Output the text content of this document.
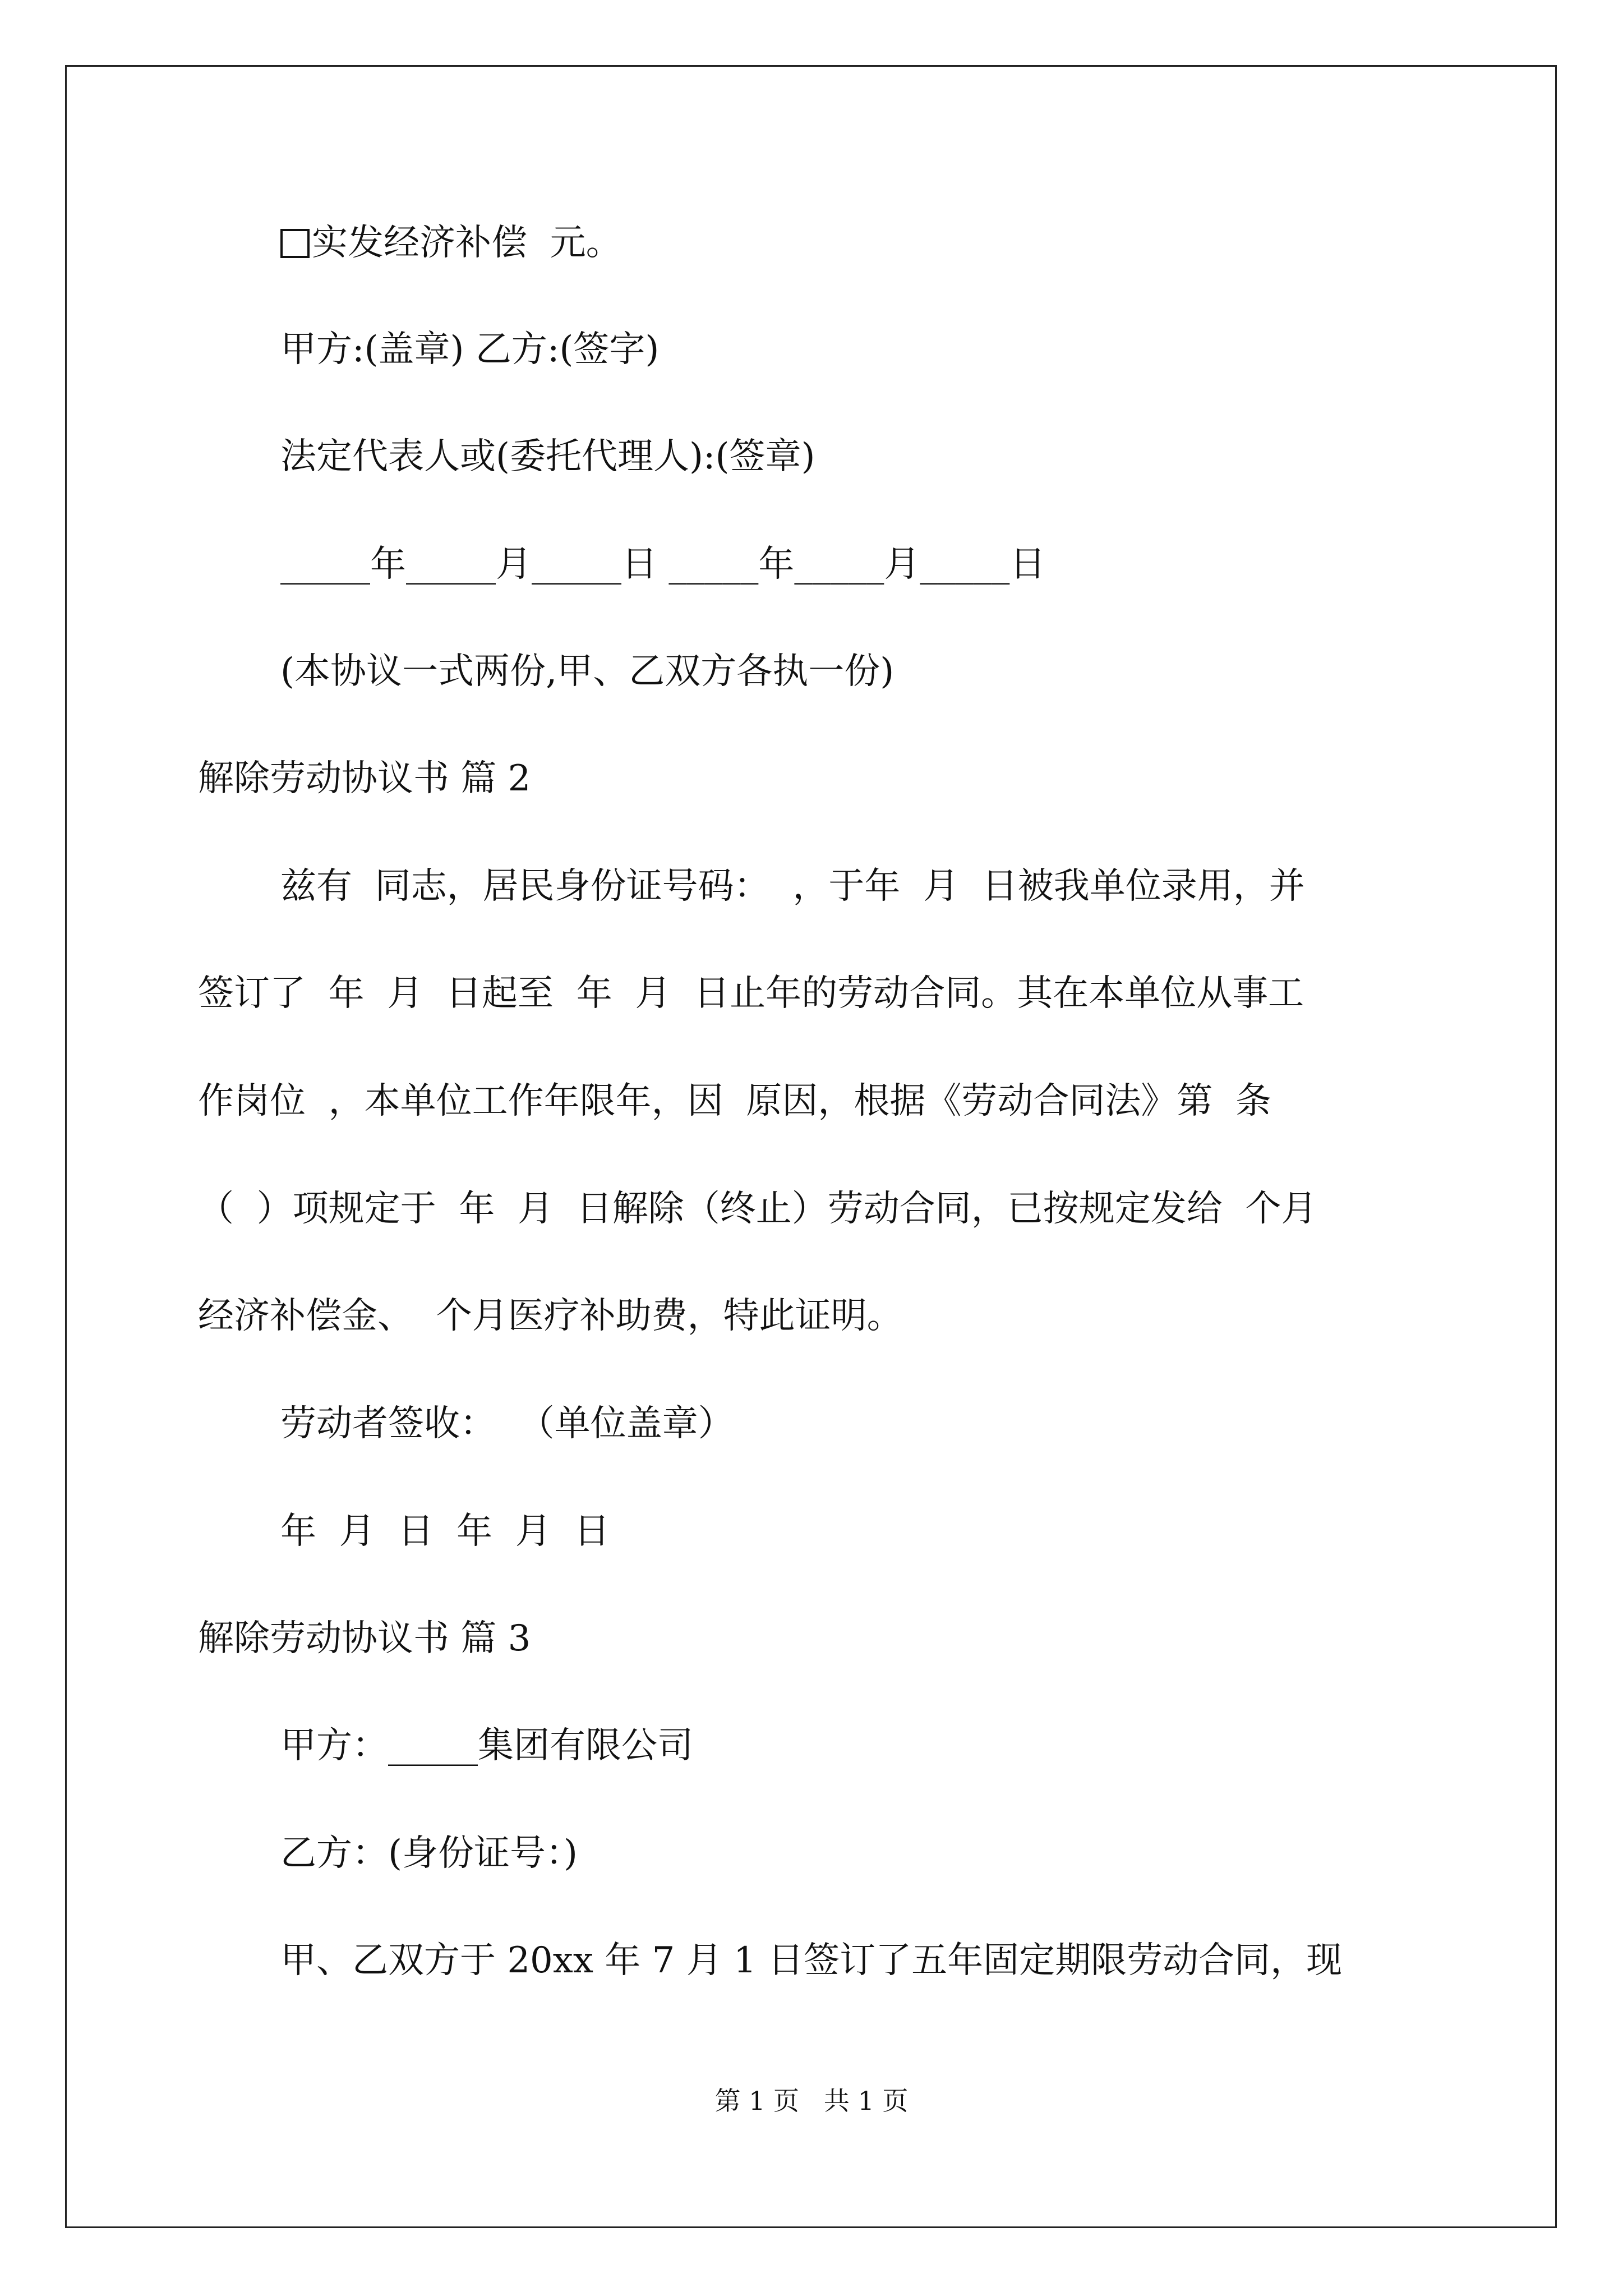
实发经济补偿  元。
甲方:(盖章) 乙方:(签字)
法定代表人或(委托代理人):(签章)
_____年_____月_____日 _____年_____月_____日
(本协议一式两份,甲、乙双方各执一份)
解除劳动协议书 篇 2
兹有  同志，居民身份证号码：  ，于年  月  日被我单位录用，并
签订了  年  月  日起至  年  月  日止年的劳动合同。其在本单位从事工
作岗位  ，本单位工作年限年，因  原因，根据《劳动合同法》第  条
（  ）项规定于  年  月  日解除（终止）劳动合同，已按规定发给  个月
经济补偿金、  个月医疗补助费，特此证明。
劳动者签收：  （单位盖章）
年  月  日  年  月  日
解除劳动协议书 篇 3
甲方：_____集团有限公司
乙方：(身份证号：)
甲、乙双方于 20xx 年 7 月 1 日签订了五年固定期限劳动合同，现
第 1 页   共 1 页
